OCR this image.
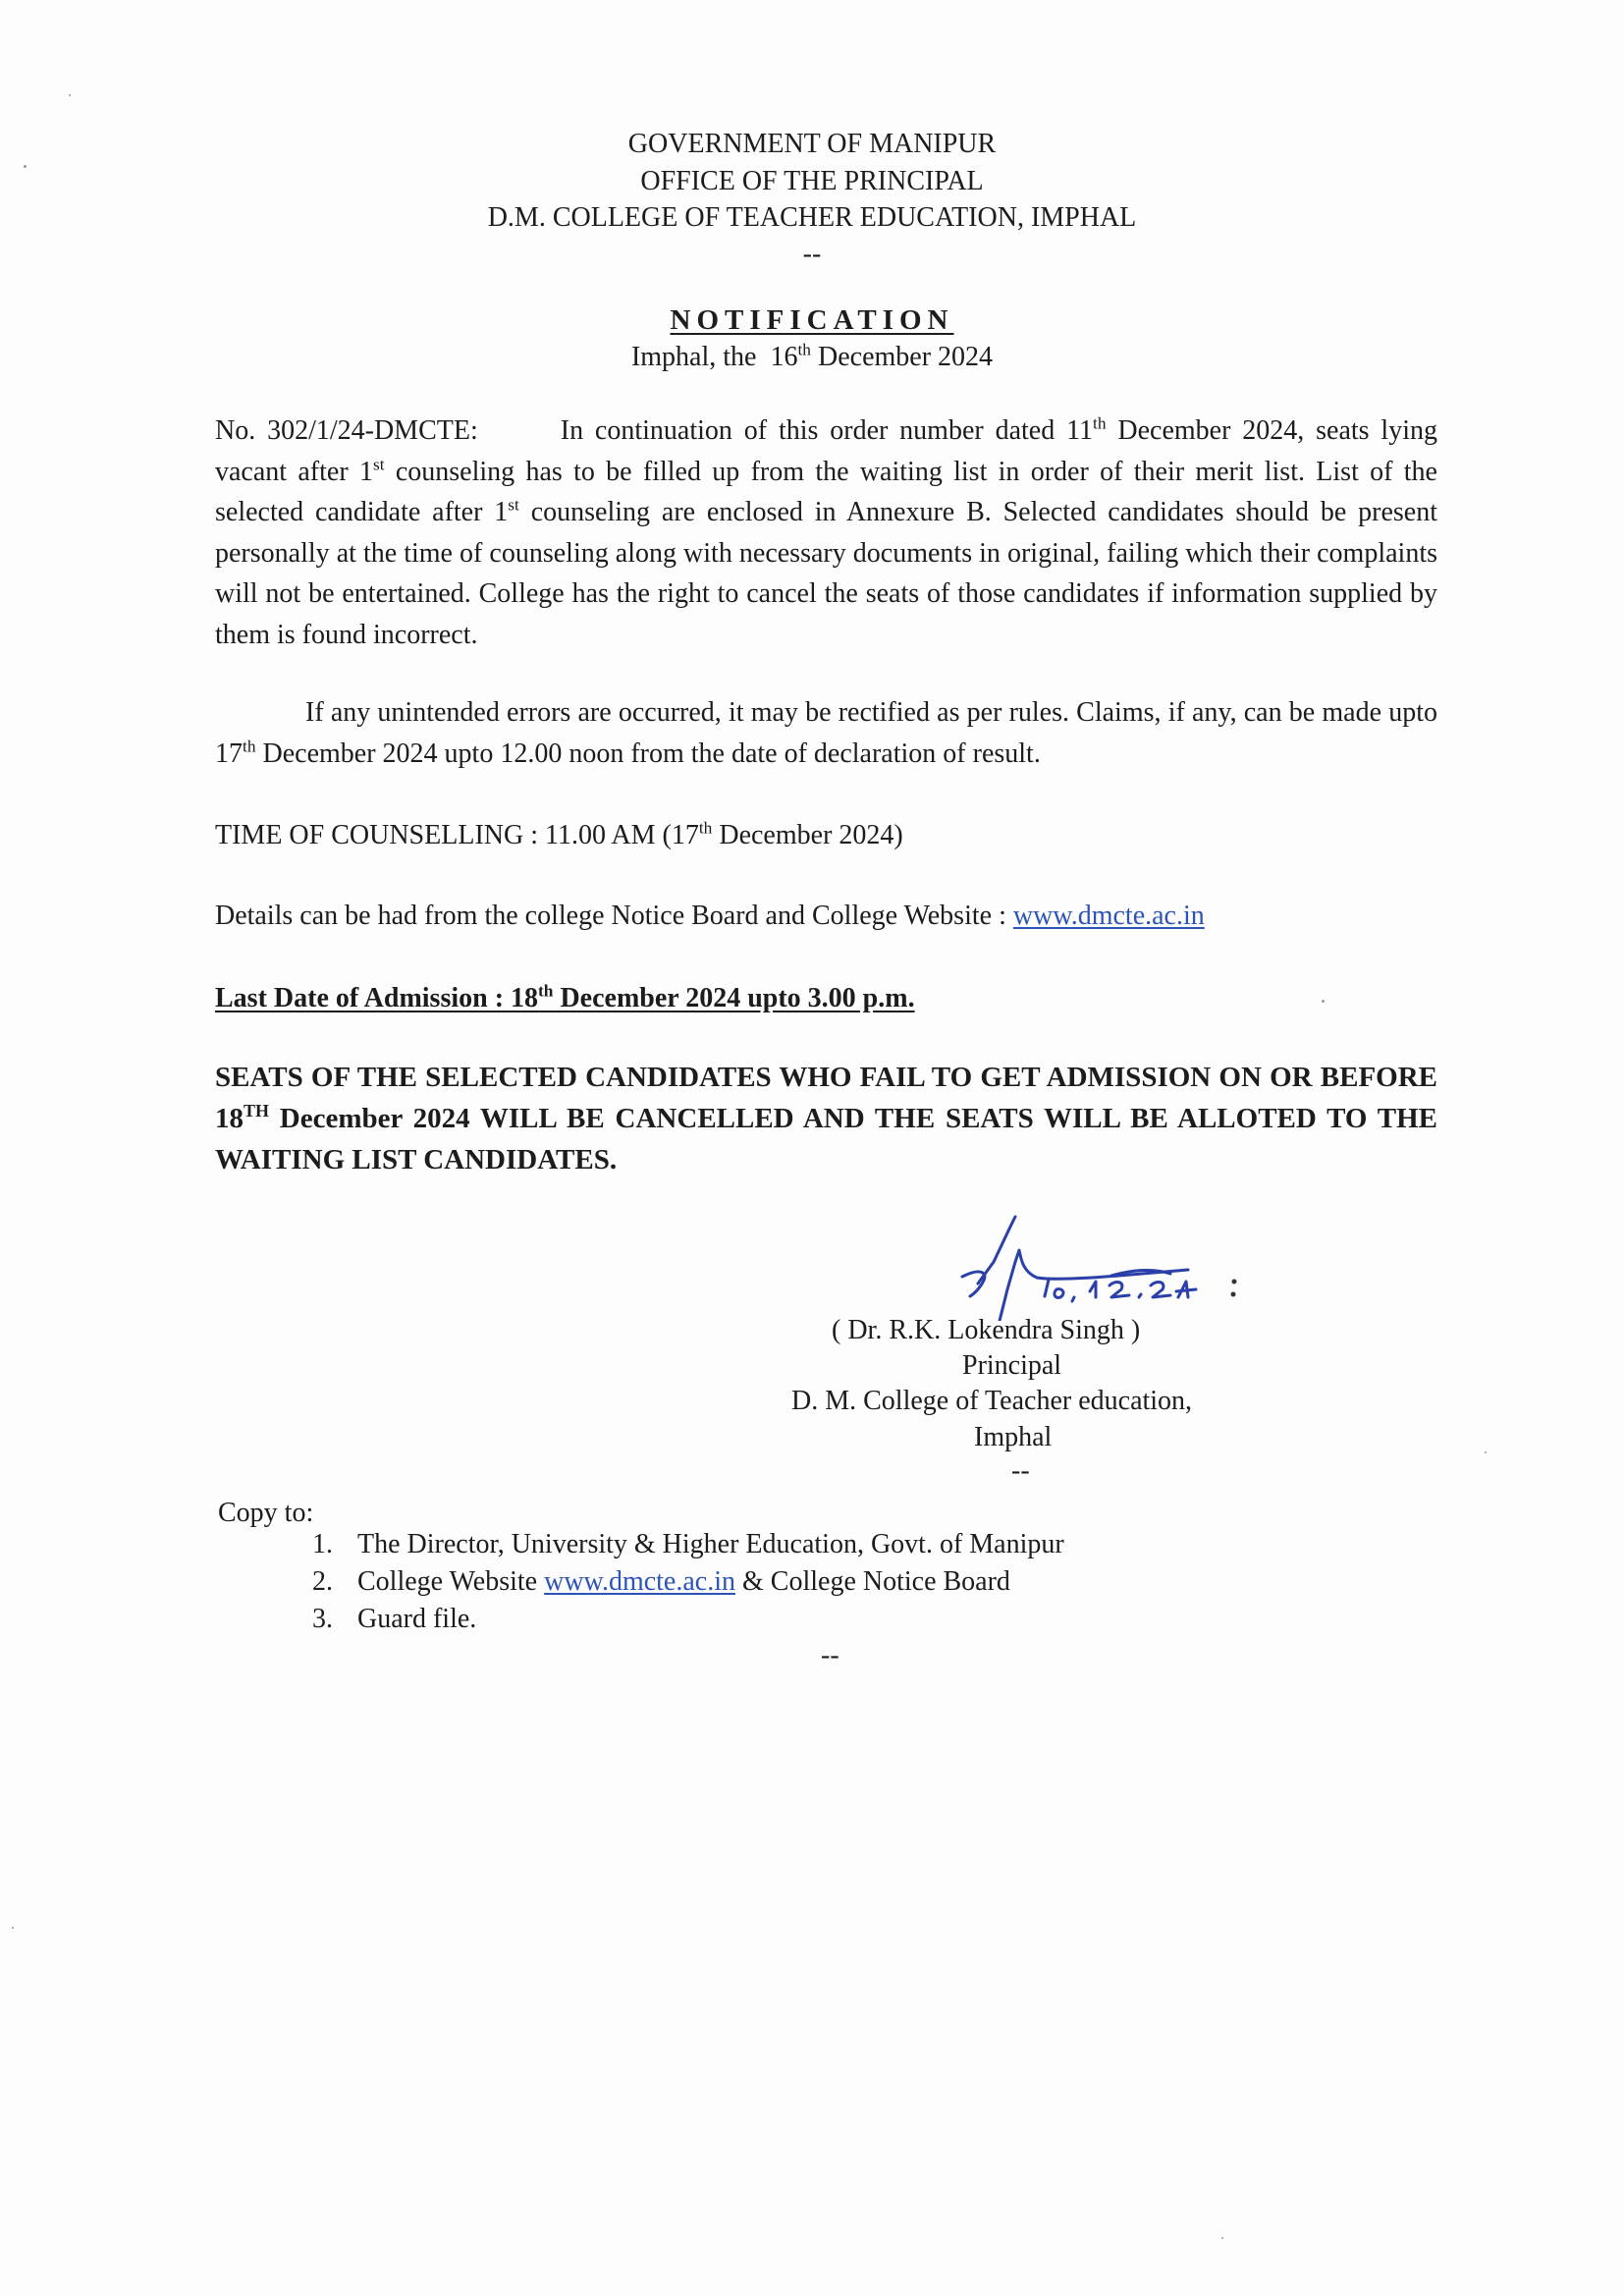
GOVERNMENT OF MANIPUR
OFFICE OF THE PRINCIPAL
D.M. COLLEGE OF TEACHER EDUCATION, IMPHAL
--
NOTIFICATION
Imphal, the 16th December 2024
No. 302/1/24-DMCTE:	In continuation of this order number dated 11th December 2024, seats lying vacant after 1st counseling has to be filled up from the waiting list in order of their merit list. List of the selected candidate after 1st counseling are enclosed in Annexure B. Selected candidates should be present personally at the time of counseling along with necessary documents in original, failing which their complaints will not be entertained. College has the right to cancel the seats of those candidates if information supplied by them is found incorrect.
If any unintended errors are occurred, it may be rectified as per rules. Claims, if any, can be made upto 17th December 2024 upto 12.00 noon from the date of declaration of result.
TIME OF COUNSELLING : 11.00 AM (17th December 2024)
Details can be had from the college Notice Board and College Website : www.dmcte.ac.in
Last Date of Admission : 18th December 2024 upto 3.00 p.m.
SEATS OF THE SELECTED CANDIDATES WHO FAIL TO GET ADMISSION ON OR BEFORE 18TH December 2024 WILL BE CANCELLED AND THE SEATS WILL BE ALLOTED TO THE WAITING LIST CANDIDATES.
( Dr. R.K. Lokendra Singh )
Principal
D. M. College of Teacher education,
Imphal
--
Copy to:
1. The Director, University & Higher Education, Govt. of Manipur
2. College Website www.dmcte.ac.in & College Notice Board
3. Guard file.
--
